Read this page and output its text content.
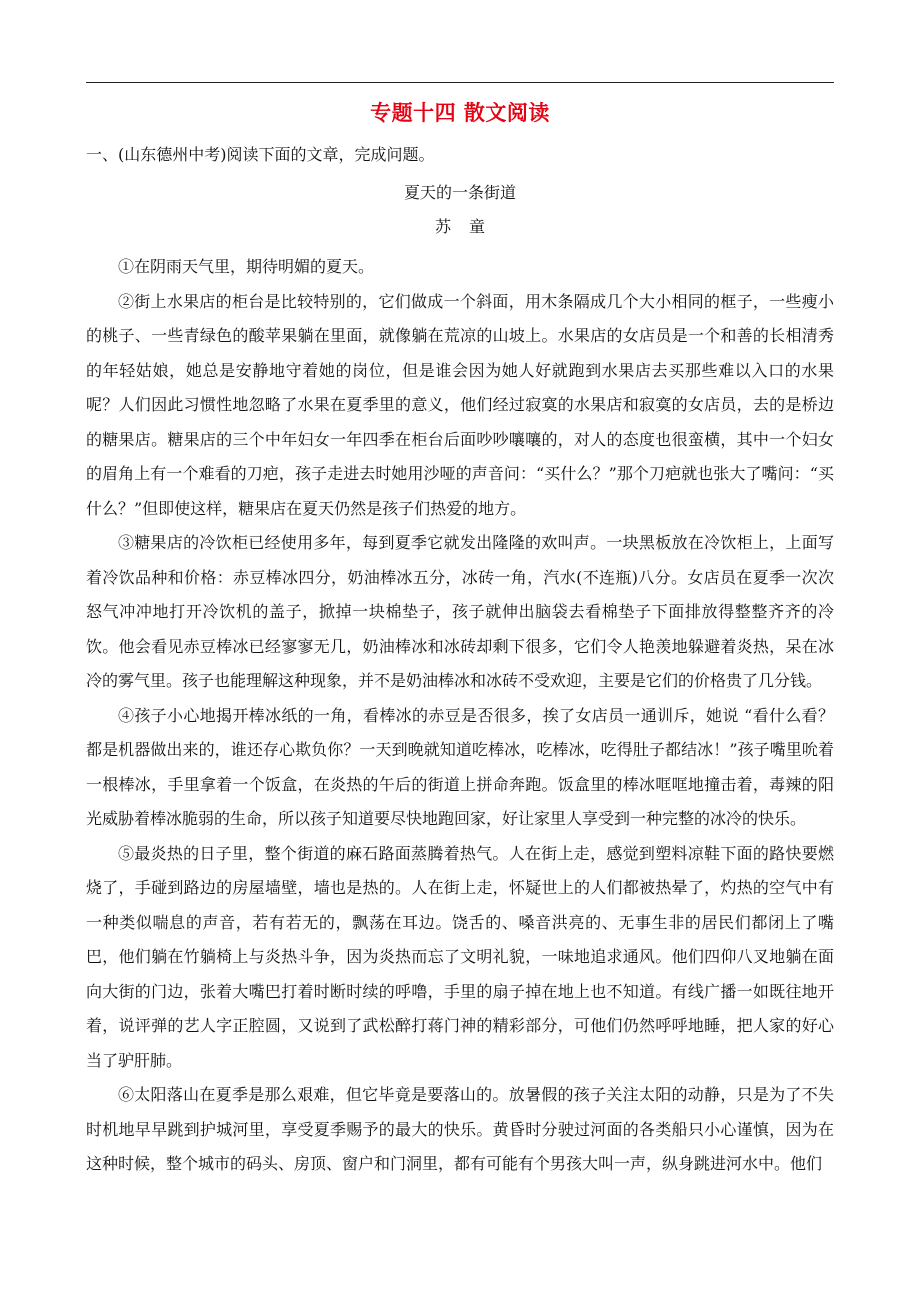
专题十四 散文阅读
一、(山东德州中考)阅读下面的文章，完成问题。
夏天的一条街道
苏童

①在阴雨天气里，期待明媚的夏天。

②街上水果店的柜台是比较特别的，它们做成一个斜面，用木条隔成几个大小相同的框子，一些瘦小的桃子、一些青绿色的酸苹果躺在里面，就像躺在荒凉的山坡上。水果店的女店员是一个和善的长相清秀的年轻姑娘，她总是安静地守着她的岗位，但是谁会因为她人好就跑到水果店去买那些难以入口的水果呢？人们因此习惯性地忽略了水果在夏季里的意义，他们经过寂寞的水果店和寂寞的女店员，去的是桥边的糖果店。糖果店的三个中年妇女一年四季在柜台后面吵吵嚷嚷的，对人的态度也很蛮横，其中一个妇女的眉角上有一个难看的刀疤，孩子走进去时她用沙哑的声音问：“买什么？”那个刀疤就也张大了嘴问：“买什么？”但即使这样，糖果店在夏天仍然是孩子们热爱的地方。

③糖果店的冷饮柜已经使用多年，每到夏季它就发出隆隆的欢叫声。一块黑板放在冷饮柜上，上面写着冷饮品种和价格：赤豆棒冰四分，奶油棒冰五分，冰砖一角，汽水(不连瓶)八分。女店员在夏季一次次怒气冲冲地打开冷饮机的盖子，掀掉一块棉垫子，孩子就伸出脑袋去看棉垫子下面排放得整整齐齐的冷饮。他会看见赤豆棒冰已经寥寥无几，奶油棒冰和冰砖却剩下很多，它们令人艳羡地躲避着炎热，呆在冰冷的雾气里。孩子也能理解这种现象，并不是奶油棒冰和冰砖不受欢迎，主要是它们的价格贵了几分钱。

④孩子小心地揭开棒冰纸的一角，看棒冰的赤豆是否很多，挨了女店员一通训斥，她说 “看什么看？都是机器做出来的，谁还存心欺负你？一天到晚就知道吃棒冰，吃棒冰，吃得肚子都结冰！”孩子嘴里吮着一根棒冰，手里拿着一个饭盒，在炎热的午后的街道上拼命奔跑。饭盒里的棒冰哐哐地撞击着，毒辣的阳光威胁着棒冰脆弱的生命，所以孩子知道要尽快地跑回家，好让家里人享受到一种完整的冰冷的快乐。

⑤最炎热的日子里，整个街道的麻石路面蒸腾着热气。人在街上走，感觉到塑料凉鞋下面的路快要燃烧了，手碰到路边的房屋墙壁，墙也是热的。人在街上走，怀疑世上的人们都被热晕了，灼热的空气中有一种类似喘息的声音，若有若无的，飘荡在耳边。饶舌的、嗓音洪亮的、无事生非的居民们都闭上了嘴巴，他们躺在竹躺椅上与炎热斗争，因为炎热而忘了文明礼貌，一味地追求通风。他们四仰八叉地躺在面向大街的门边，张着大嘴巴打着时断时续的呼噜，手里的扇子掉在地上也不知道。有线广播一如既往地开着，说评弹的艺人字正腔圆，又说到了武松醉打蒋门神的精彩部分，可他们仍然呼呼地睡，把人家的好心当了驴肝肺。

⑥太阳落山在夏季是那么艰难，但它毕竟是要落山的。放暑假的孩子关注太阳的动静，只是为了不失时机地早早跳到护城河里，享受夏季赐予的最大的快乐。黄昏时分驶过河面的各类船只小心谨慎，因为在这种时候，整个城市的码头、房顶、窗户和门洞里，都有可能有个男孩大叫一声，纵身跳进河水中。他们
